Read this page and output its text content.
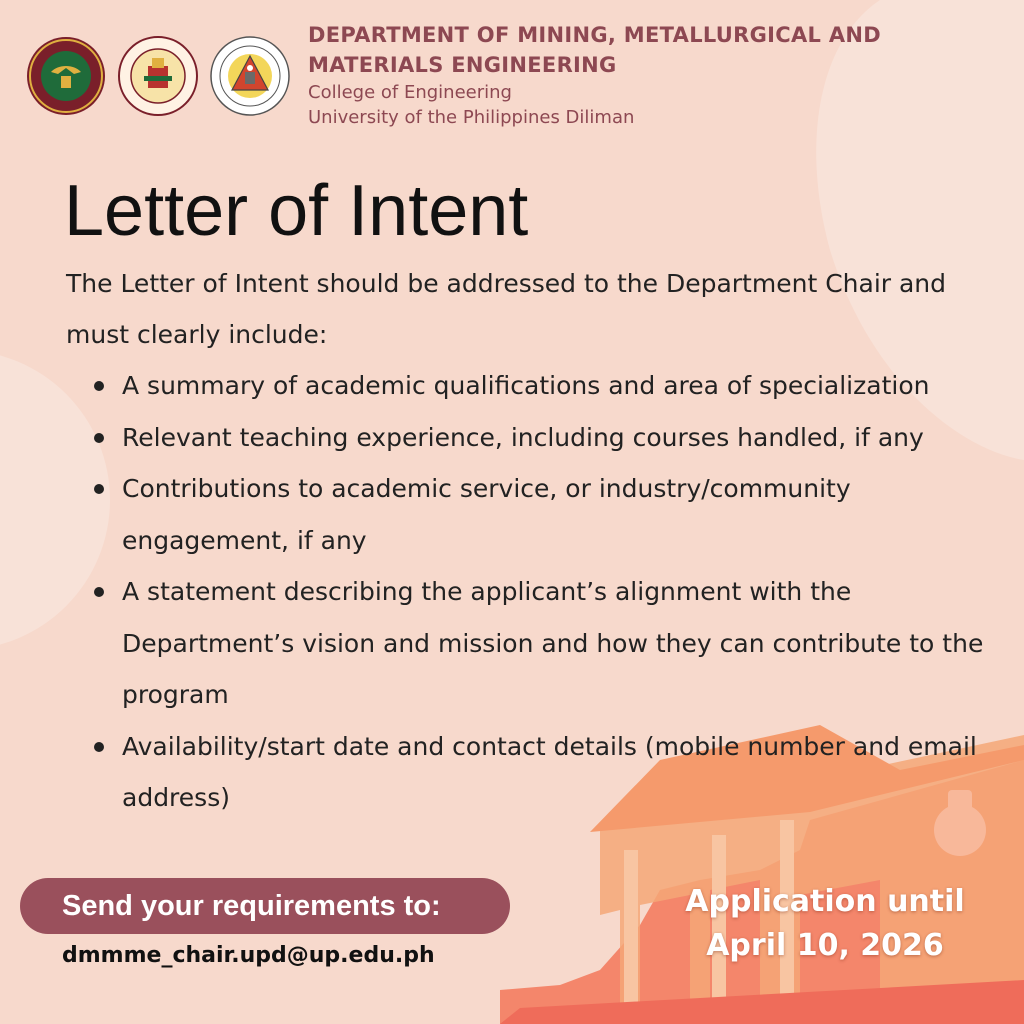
DEPARTMENT OF MINING, METALLURGICAL AND
MATERIALS ENGINEERING
College of Engineering
University of the Philippines Diliman
Letter of Intent

The Letter of Intent should be addressed to the Department Chair and must clearly include:

A summary of academic qualifications and area of specialization
Relevant teaching experience, including courses handled, if any
Contributions to academic service, or industry/community engagement, if any
A statement describing the applicant’s alignment with the Department’s vision and mission and how they can contribute to the program
Availability/start date and contact details (mobile number and email address)
Send your requirements to:
dmmme_chair.upd@up.edu.ph
Application until
April 10, 2026
